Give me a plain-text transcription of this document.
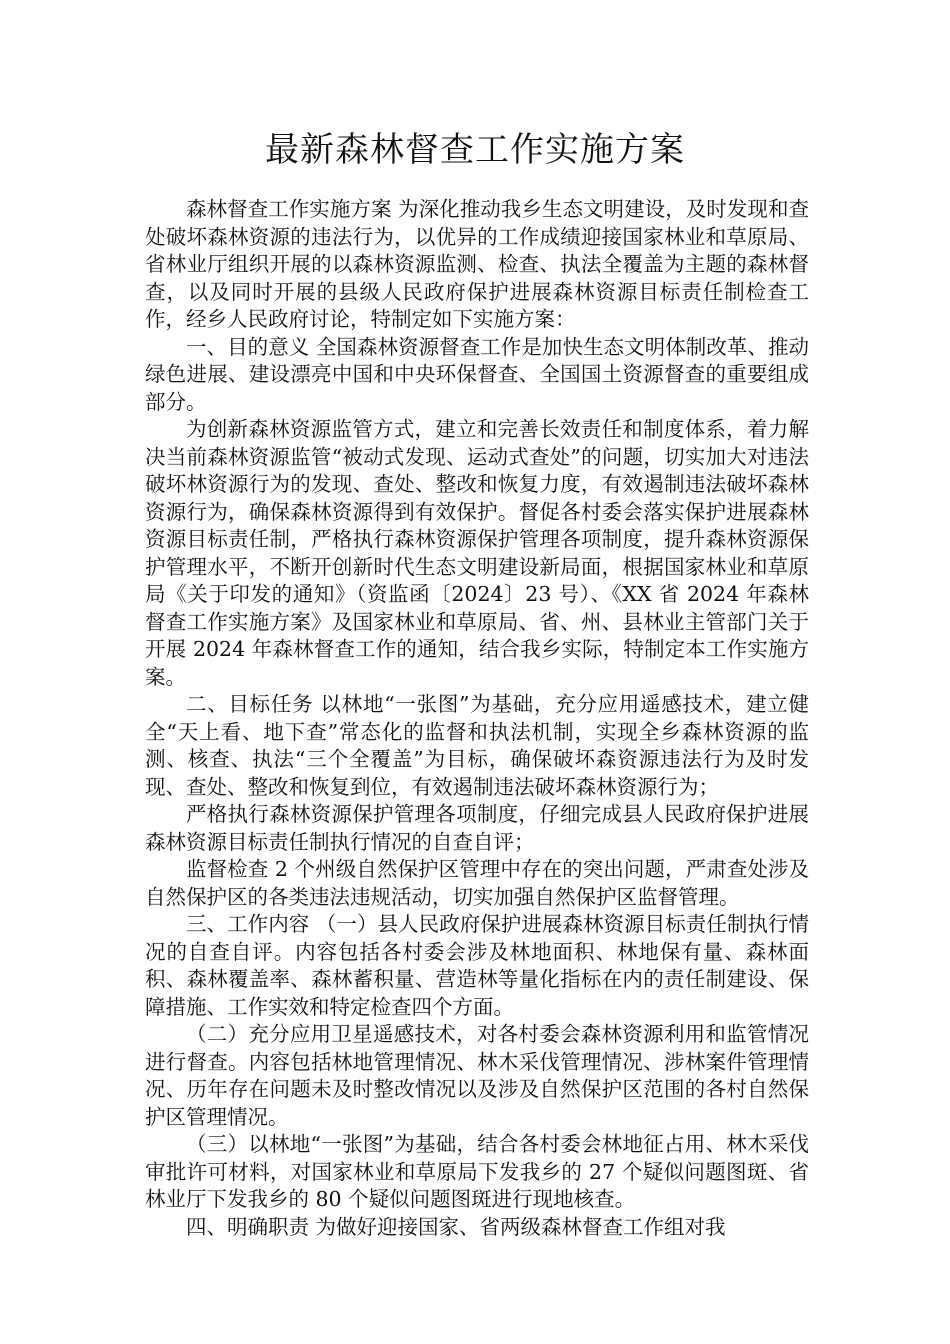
最新森林督查工作实施方案

森林督查工作实施方案 为深化推动我乡生态文明建设，及时发现和查处破坏森林资源的违法行为，以优异的工作成绩迎接国家林业和草原局、省林业厅组织开展的以森林资源监测、检查、执法全覆盖为主题的森林督查，以及同时开展的县级人民政府保护进展森林资源目标责任制检查工作，经乡人民政府讨论，特制定如下实施方案：

一、目的意义 全国森林资源督查工作是加快生态文明体制改革、推动绿色进展、建设漂亮中国和中央环保督查、全国国土资源督查的重要组成部分。

为创新森林资源监管方式，建立和完善长效责任和制度体系，着力解决当前森林资源监管“被动式发现、运动式查处”的问题，切实加大对违法破坏林资源行为的发现、查处、整改和恢复力度，有效遏制违法破坏森林资源行为，确保森林资源得到有效保护。督促各村委会落实保护进展森林资源目标责任制，严格执行森林资源保护管理各项制度，提升森林资源保护管理水平，不断开创新时代生态文明建设新局面，根据国家林业和草原局《关于印发的通知》（资监函〔2024〕23 号）、《XX 省 2024 年森林督查工作实施方案》及国家林业和草原局、省、州、县林业主管部门关于开展 2024 年森林督查工作的通知，结合我乡实际，特制定本工作实施方案。

二、目标任务 以林地“一张图”为基础，充分应用遥感技术，建立健全“天上看、地下查”常态化的监督和执法机制，实现全乡森林资源的监测、核查、执法“三个全覆盖”为目标，确保破坏森资源违法行为及时发现、查处、整改和恢复到位，有效遏制违法破坏森林资源行为；

严格执行森林资源保护管理各项制度，仔细完成县人民政府保护进展森林资源目标责任制执行情况的自查自评；

监督检查 2 个州级自然保护区管理中存在的突出问题，严肃查处涉及自然保护区的各类违法违规活动，切实加强自然保护区监督管理。

三、工作内容 （一）县人民政府保护进展森林资源目标责任制执行情况的自查自评。内容包括各村委会涉及林地面积、林地保有量、森林面积、森林覆盖率、森林蓄积量、营造林等量化指标在内的责任制建设、保障措施、工作实效和特定检查四个方面。

（二）充分应用卫星遥感技术，对各村委会森林资源利用和监管情况进行督查。内容包括林地管理情况、林木采伐管理情况、涉林案件管理情况、历年存在问题未及时整改情况以及涉及自然保护区范围的各村自然保护区管理情况。

（三）以林地“一张图”为基础，结合各村委会林地征占用、林木采伐审批许可材料，对国家林业和草原局下发我乡的 27 个疑似问题图斑、省林业厅下发我乡的 80 个疑似问题图斑进行现地核查。

四、明确职责 为做好迎接国家、省两级森林督查工作组对我
